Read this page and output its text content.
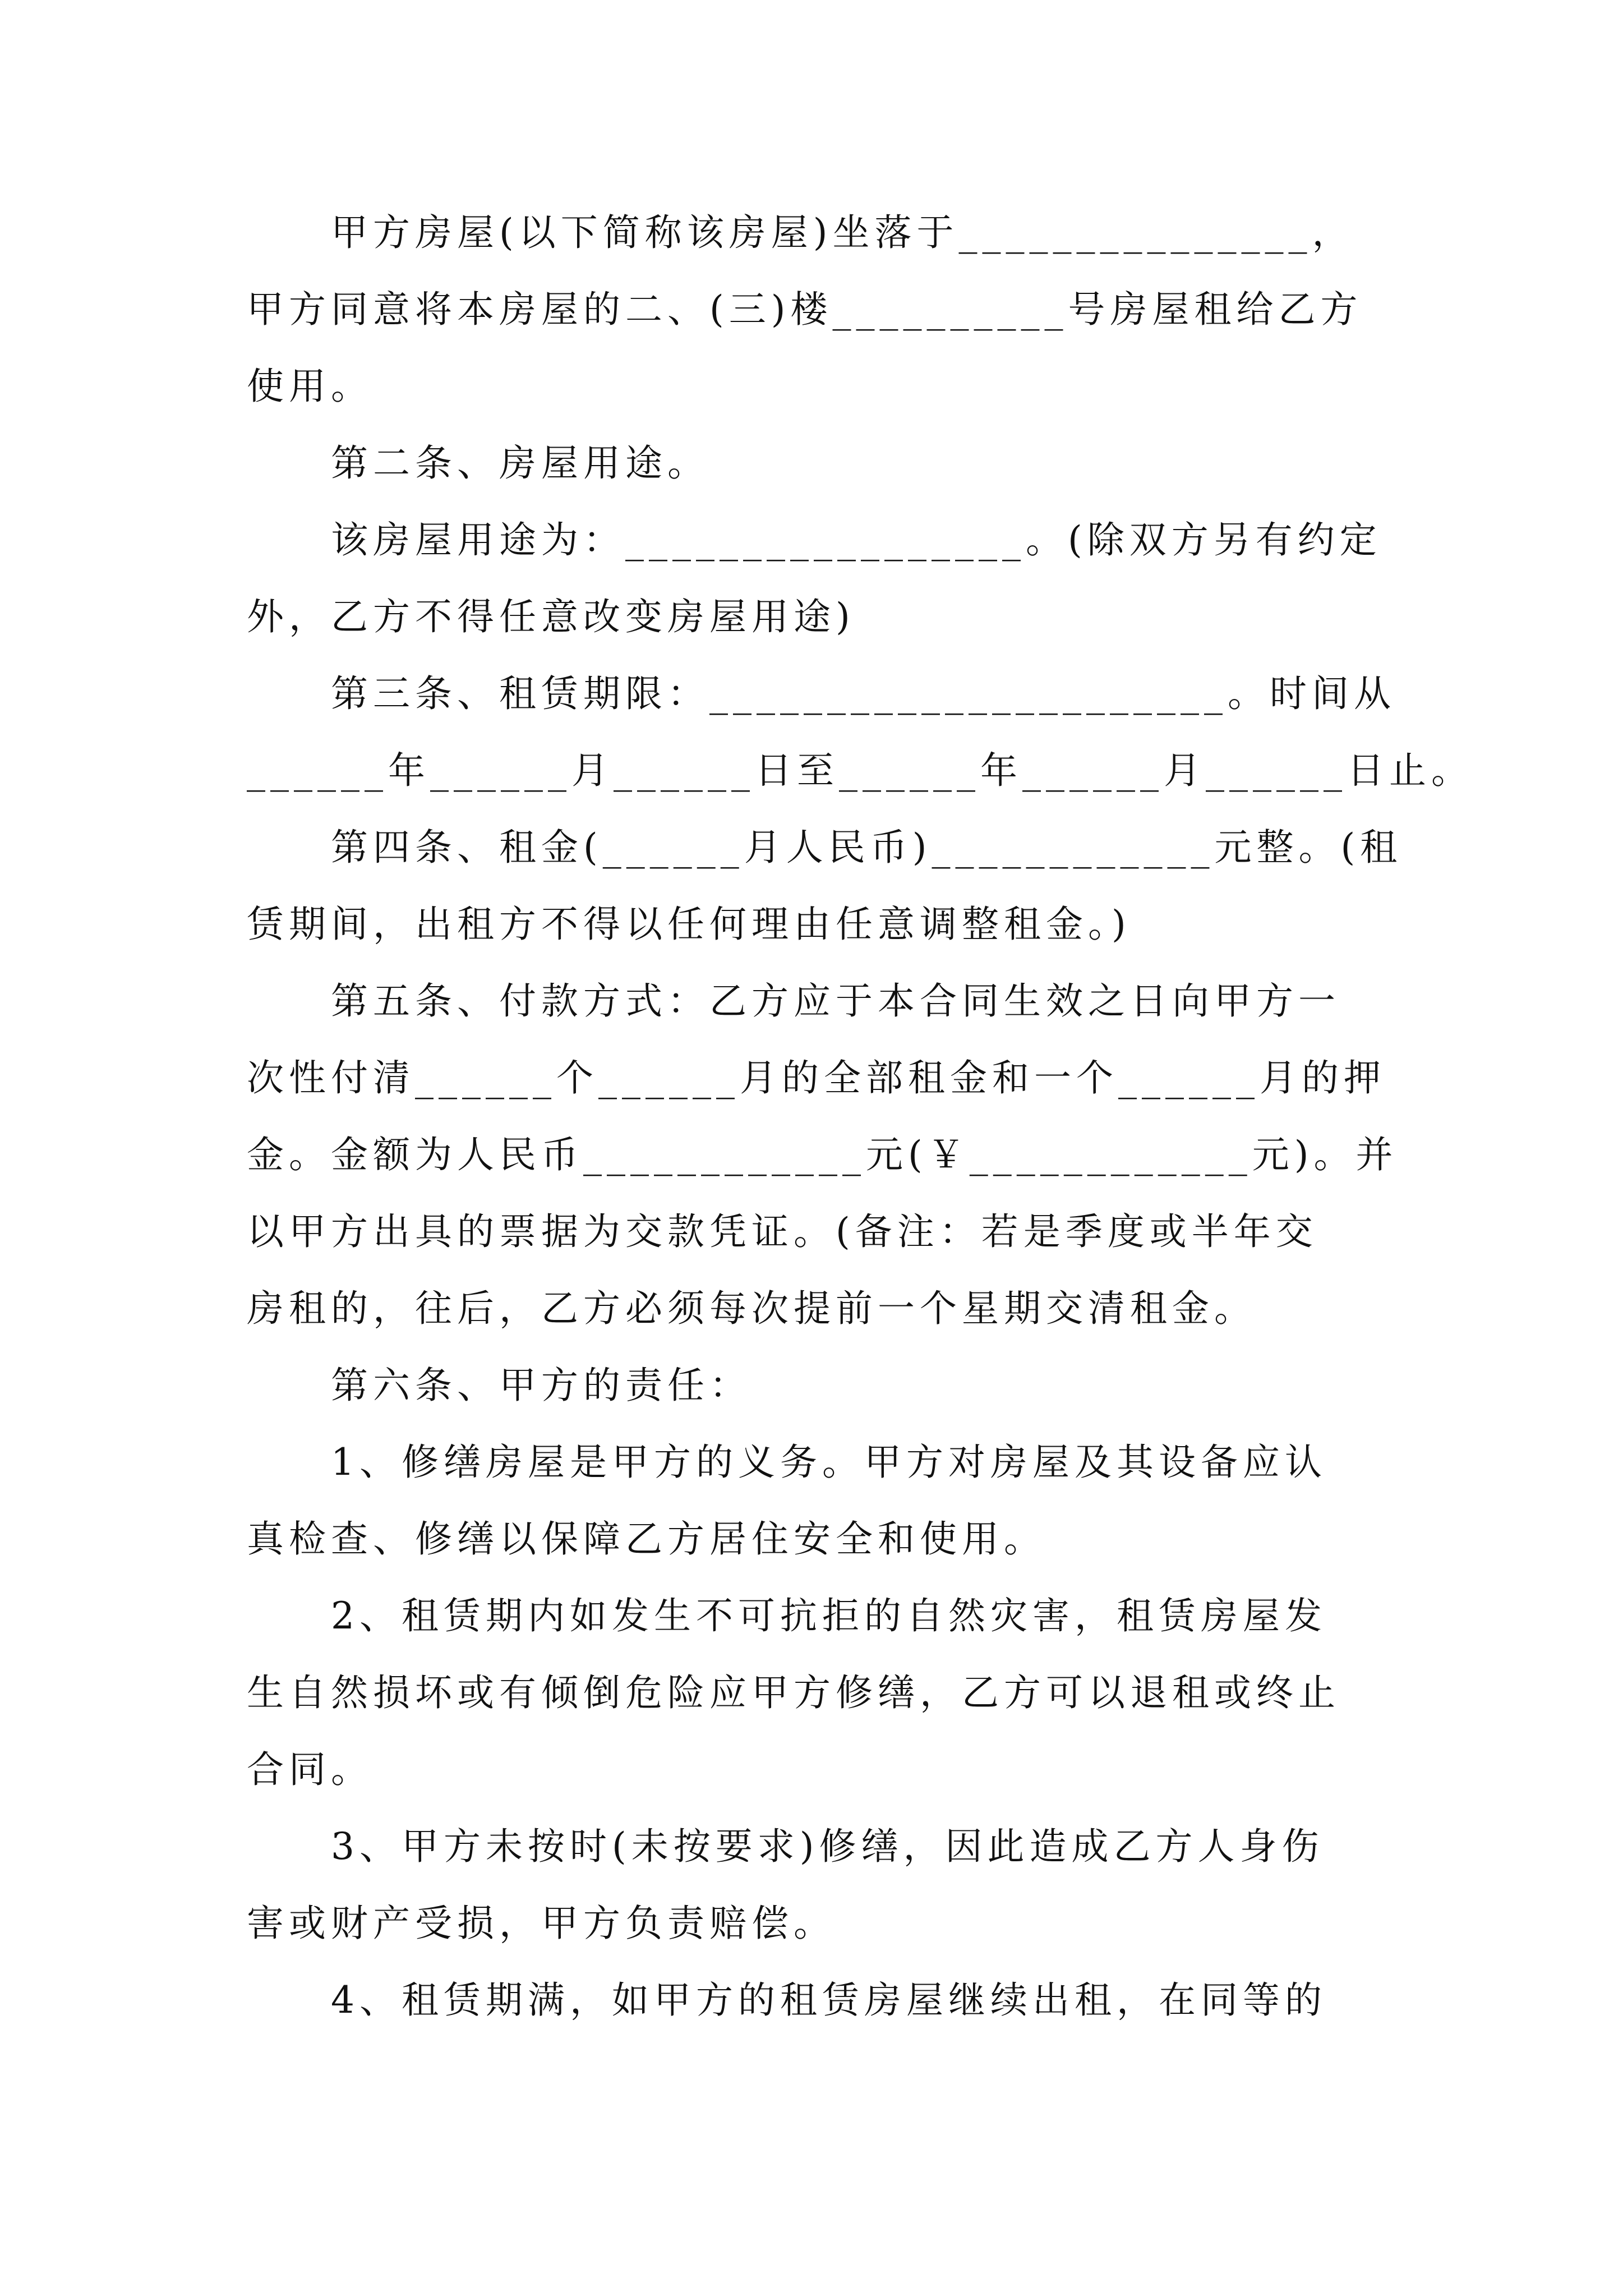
甲方房屋(以下简称该房屋)坐落于_______________，
甲方同意将本房屋的二、(三)楼__________号房屋租给乙方
使用。
第二条、房屋用途。
该房屋用途为：_________________。(除双方另有约定
外，乙方不得任意改变房屋用途)
第三条、租赁期限：______________________。时间从
______年______月______日至______年______月______日止。
第四条、租金(______月人民币)____________元整。(租
赁期间，出租方不得以任何理由任意调整租金。)
第五条、付款方式：乙方应于本合同生效之日向甲方一
次性付清______个______月的全部租金和一个______月的押
金。金额为人民币____________元(￥____________元)。并
以甲方出具的票据为交款凭证。(备注：若是季度或半年交
房租的，往后，乙方必须每次提前一个星期交清租金。
第六条、甲方的责任：
1、修缮房屋是甲方的义务。甲方对房屋及其设备应认
真检查、修缮以保障乙方居住安全和使用。
2、租赁期内如发生不可抗拒的自然灾害，租赁房屋发
生自然损坏或有倾倒危险应甲方修缮，乙方可以退租或终止
合同。
3、甲方未按时(未按要求)修缮，因此造成乙方人身伤
害或财产受损，甲方负责赔偿。
4、租赁期满，如甲方的租赁房屋继续出租，在同等的
